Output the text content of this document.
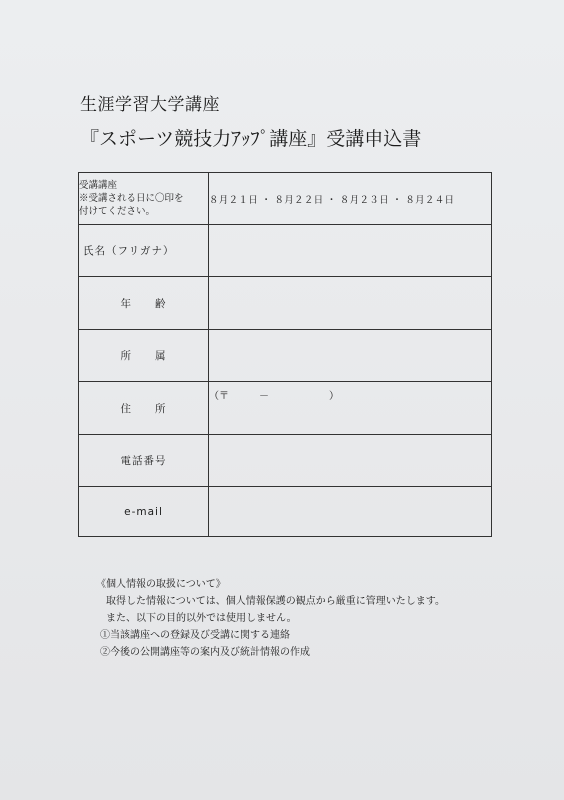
生涯学習大学講座
『スポーツ競技力ｱｯﾌﾟ講座』受講申込書
受講講座
※受講される日に〇印を
付けてください。	８月２１日 ・ ８月２２日 ・ ８月２３日 ・ ８月２４日
氏名（フリガナ）	
年　　齢	
所　　属	
住　　所	（〒　　　－　　　　　　）
電話番号	
e-mail	
《個人情報の取扱について》
取得した情報については、個人情報保護の観点から厳重に管理いたします。
また、以下の目的以外では使用しません。
①当該講座への登録及び受講に関する連絡
②今後の公開講座等の案内及び統計情報の作成
